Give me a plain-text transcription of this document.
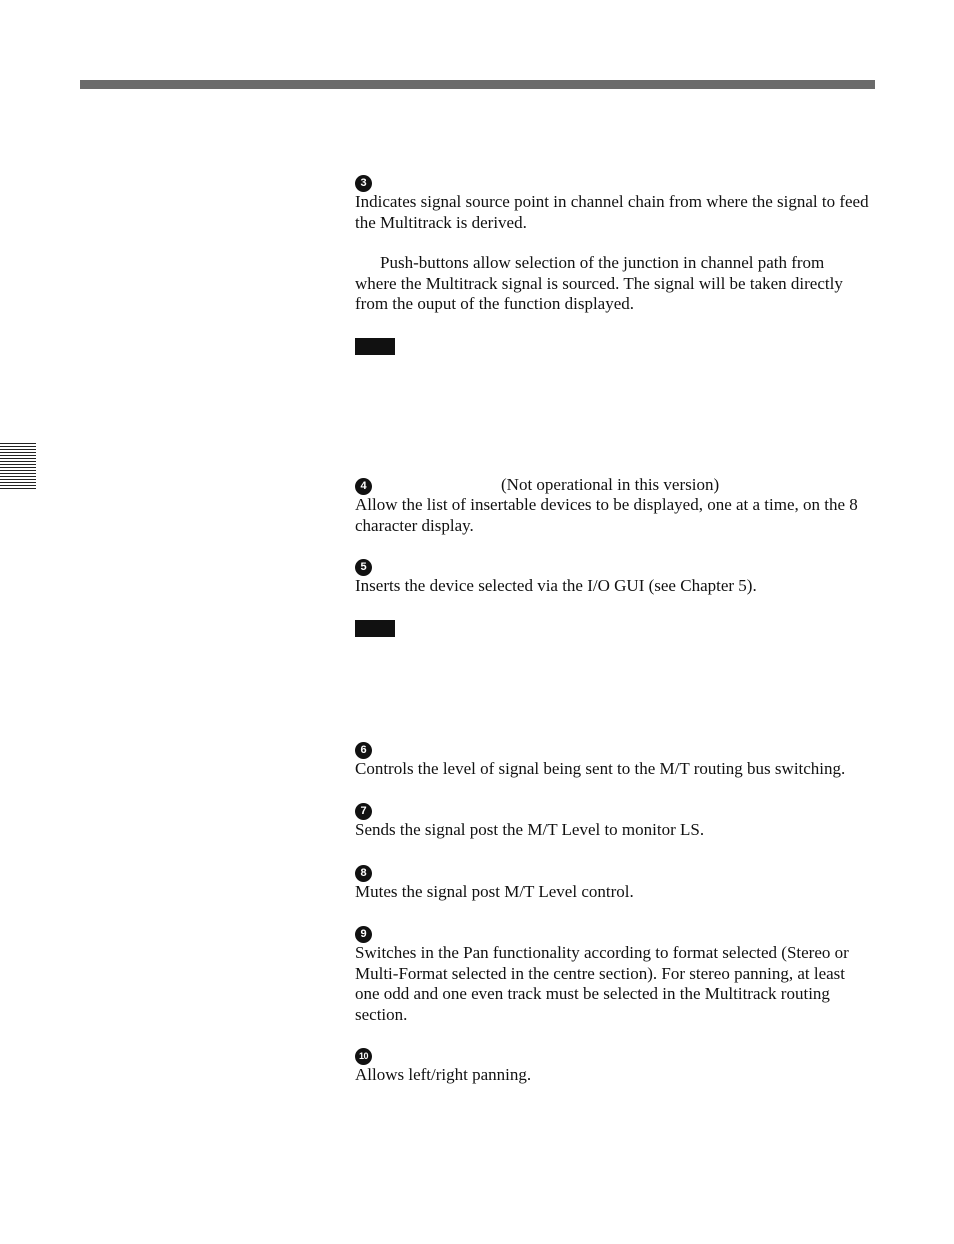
3

Indicates signal source point in channel chain from where the signal to feed the Multitrack is derived.

Push-buttons allow selection of the junction in channel path from where the Multitrack signal is sourced. The signal will be taken directly from the ouput of the function displayed.

4	(Not operational in this version)

Allow the list of insertable devices to be displayed, one at a time, on the 8 character display.

5

Inserts the device selected via the I/O GUI (see Chapter 5).

6

Controls the level of signal being sent to the M/T routing bus switching.

7

Sends the signal post the M/T Level to monitor LS.

8

Mutes the signal post M/T Level control.

9

Switches in the Pan functionality according to format selected (Stereo or Multi-Format selected in the centre section). For stereo panning, at least one odd and one even track must be selected in the Multitrack routing section.

10

Allows left/right panning.
